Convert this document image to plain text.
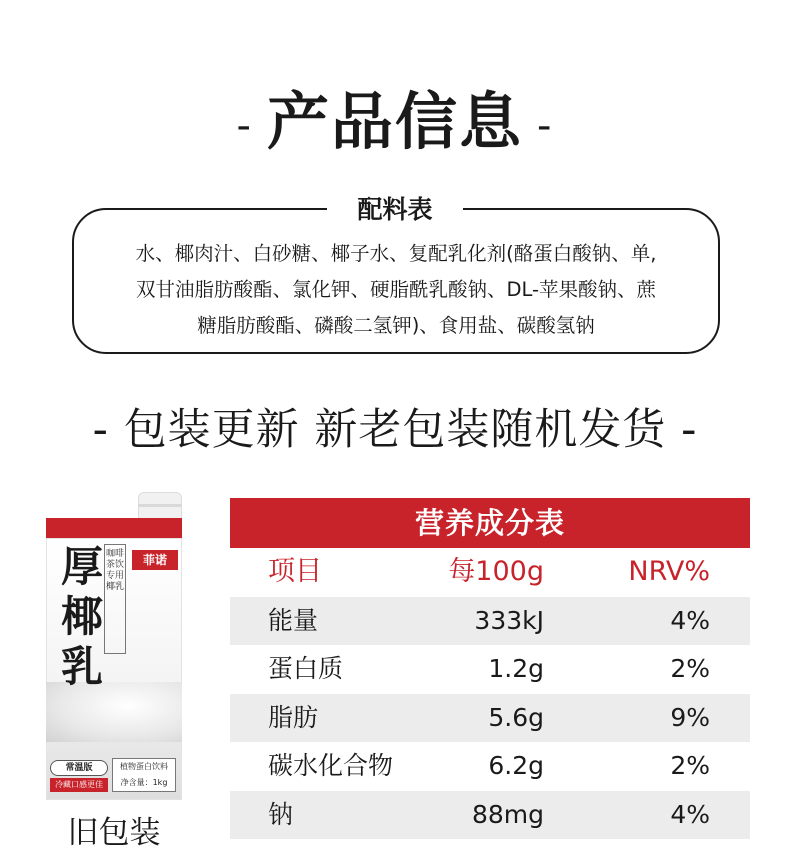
- 产品信息 -
配料表
水、椰肉汁、白砂糖、椰子水、复配乳化剂(酪蛋白酸钠、单,
双甘油脂肪酸酯、氯化钾、硬脂酰乳酸钠、DL-苹果酸钠、蔗
糖脂肪酸酯、磷酸二氢钾)、食用盐、碳酸氢钠
- 包装更新 新老包装随机发货 -
厚
椰
乳
咖啡茶饮 专用椰乳
菲诺
常温版
冷藏口感更佳
植物蛋白饮料
净含量：1kg
旧包装
营养成分表
项目	每100g	NRV%
能量	333kJ	4%
蛋白质	1.2g	2%
脂肪	5.6g	9%
碳水化合物	6.2g	2%
钠	88mg	4%
